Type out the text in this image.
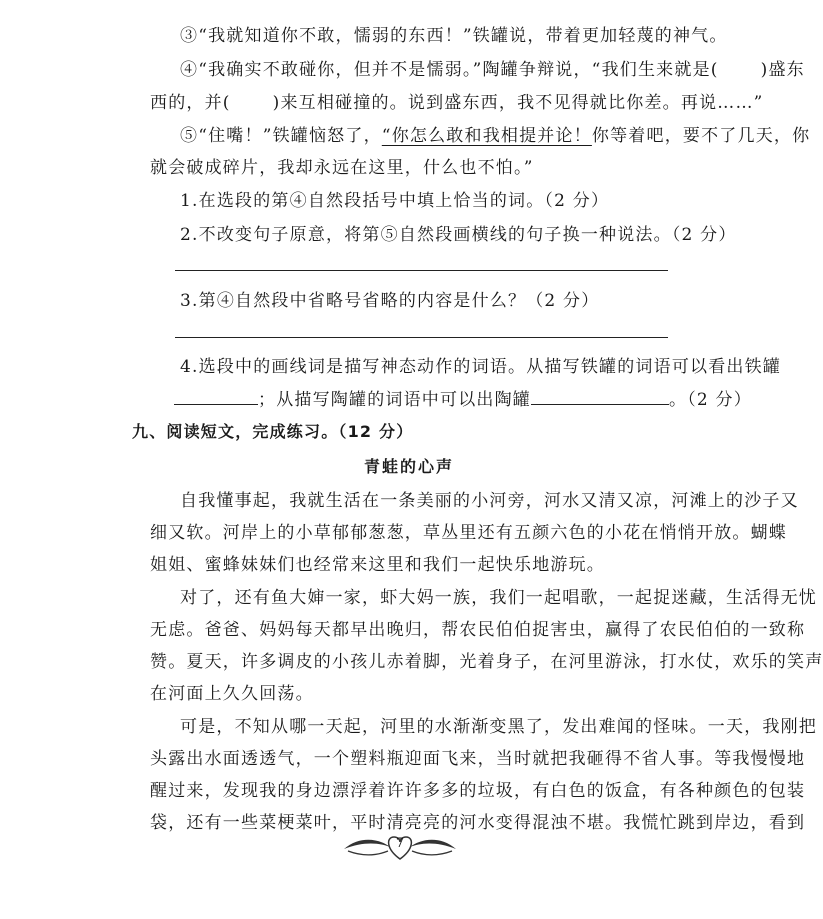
③“我就知道你不敢，懦弱的东西！”铁罐说，带着更加轻蔑的神气。
④“我确实不敢碰你，但并不是懦弱。”陶罐争辩说，“我们生来就是( )盛东
西的，并( )来互相碰撞的。说到盛东西，我不见得就比你差。再说……”
⑤“住嘴！”铁罐恼怒了，“你怎么敢和我相提并论！你等着吧，要不了几天，你
就会破成碎片，我却永远在这里，什么也不怕。”
1.在选段的第④自然段括号中填上恰当的词。（2 分）
2.不改变句子原意，将第⑤自然段画横线的句子换一种说法。（2 分）
3.第④自然段中省略号省略的内容是什么？（2 分）
4.选段中的画线词是描写神态动作的词语。从描写铁罐的词语可以看出铁罐
；从描写陶罐的词语中可以出陶罐	。（2 分）
九、阅读短文，完成练习。（12 分）
青蛙的心声
自我懂事起，我就生活在一条美丽的小河旁，河水又清又凉，河滩上的沙子又
细又软。河岸上的小草郁郁葱葱，草丛里还有五颜六色的小花在悄悄开放。蝴蝶
姐姐、蜜蜂妹妹们也经常来这里和我们一起快乐地游玩。
对了，还有鱼大婶一家，虾大妈一族，我们一起唱歌，一起捉迷藏，生活得无忧
无虑。爸爸、妈妈每天都早出晚归，帮农民伯伯捉害虫，赢得了农民伯伯的一致称
赞。夏天，许多调皮的小孩儿赤着脚，光着身子，在河里游泳，打水仗，欢乐的笑声
在河面上久久回荡。
可是，不知从哪一天起，河里的水渐渐变黑了，发出难闻的怪味。一天，我刚把
头露出水面透透气，一个塑料瓶迎面飞来，当时就把我砸得不省人事。等我慢慢地
醒过来，发现我的身边漂浮着许许多多的垃圾，有白色的饭盒，有各种颜色的包装
袋，还有一些菜梗菜叶，平时清亮亮的河水变得混浊不堪。我慌忙跳到岸边，看到
7
